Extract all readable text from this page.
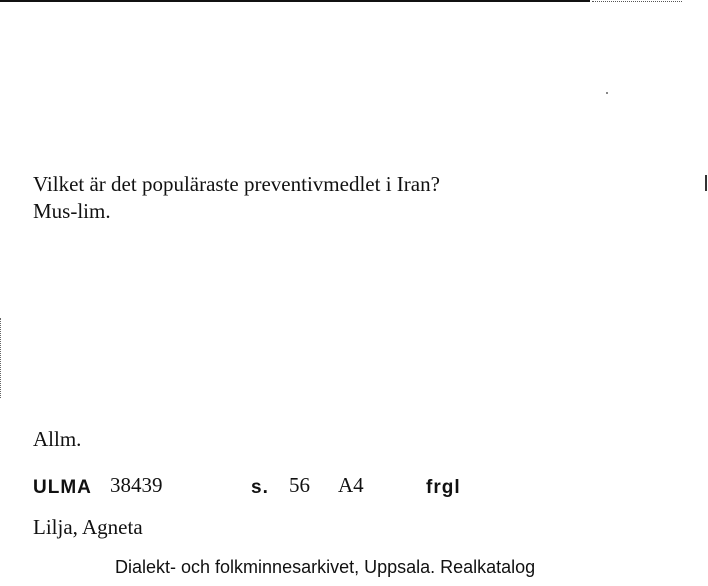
Vilket är det populäraste preventivmedlet i Iran?
Mus-lim.
Allm.
ULMA 38439	s. 56 A4	frgl
Lilja, Agneta
Dialekt- och folkminnesarkivet, Uppsala. Realkatalog
